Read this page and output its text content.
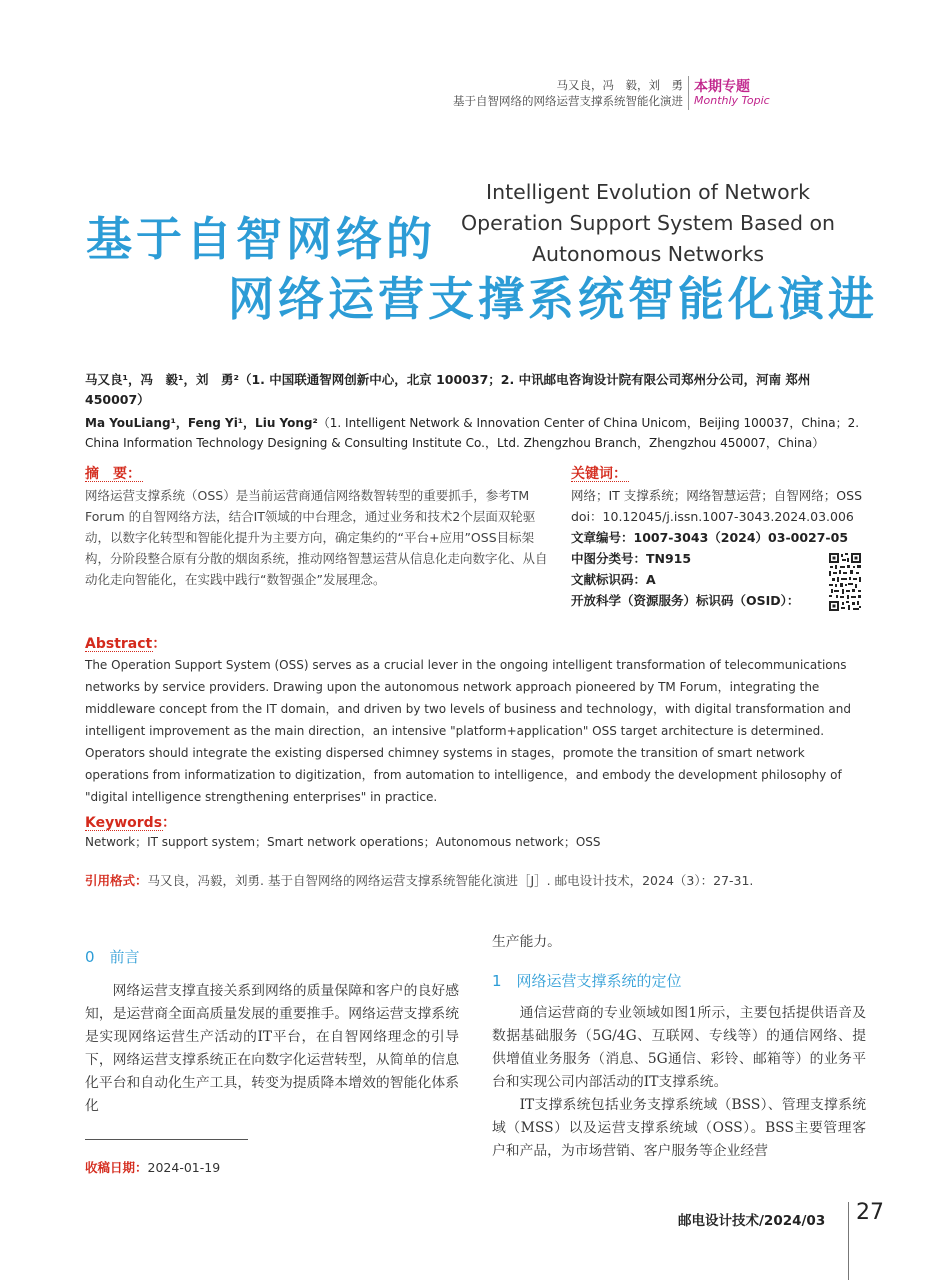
马又良，冯　毅，刘　勇
基于自智网络的网络运营支撑系统智能化演进
本期专题
Monthly Topic
Intelligent Evolution of Network
Operation Support System Based on
Autonomous Networks
基于自智网络的
网络运营支撑系统智能化演进
马又良¹，冯　毅¹，刘　勇²（1. 中国联通智网创新中心，北京 100037；2. 中讯邮电咨询设计院有限公司郑州分公司，河南 郑州 450007）
Ma YouLiang¹，Feng Yi¹，Liu Yong²（1. Intelligent Network & Innovation Center of China Unicom，Beijing 100037，China；2. China Information Technology Designing & Consulting Institute Co.，Ltd. Zhengzhou Branch，Zhengzhou 450007，China）
摘　要：
网络运营支撑系统（OSS）是当前运营商通信网络数智转型的重要抓手，参考TM Forum 的自智网络方法，结合IT领域的中台理念，通过业务和技术2个层面双轮驱动，以数字化转型和智能化提升为主要方向，确定集约的“平台+应用”OSS目标架构，分阶段整合原有分散的烟囱系统，推动网络智慧运营从信息化走向数字化、从自动化走向智能化，在实践中践行“数智强企”发展理念。
关键词：
网络；IT 支撑系统；网络智慧运营；自智网络；OSS
doi：10.12045/j.issn.1007-3043.2024.03.006
文章编号：1007-3043（2024）03-0027-05
中图分类号：TN915
文献标识码：A
开放科学（资源服务）标识码（OSID）：
Abstract：
The Operation Support System (OSS) serves as a crucial lever in the ongoing intelligent transformation of telecommunications networks by service providers. Drawing upon the autonomous network approach pioneered by TM Forum，integrating the middleware concept from the IT domain，and driven by two levels of business and technology，with digital transformation and intelligent improvement as the main direction，an intensive "platform+application" OSS target architecture is determined. Operators should integrate the existing dispersed chimney systems in stages，promote the transition of smart network operations from informatization to digitization，from automation to intelligence，and embody the development philosophy of "digital intelligence strengthening enterprises" in practice.
Keywords：
Network；IT support system；Smart network operations；Autonomous network；OSS
引用格式：马又良，冯毅，刘勇. 基于自智网络的网络运营支撑系统智能化演进［J］. 邮电设计技术，2024（3）：27-31.
0　前言

网络运营支撑直接关系到网络的质量保障和客户的良好感知，是运营商全面高质量发展的重要推手。网络运营支撑系统是实现网络运营生产活动的IT平台，在自智网络理念的引导下，网络运营支撑系统正在向数字化运营转型，从简单的信息化平台和自动化生产工具，转变为提质降本增效的智能化体系化

生产能力。

1　网络运营支撑系统的定位

通信运营商的专业领域如图1所示，主要包括提供语音及数据基础服务（5G/4G、互联网、专线等）的通信网络、提供增值业务服务（消息、5G通信、彩铃、邮箱等）的业务平台和实现公司内部活动的IT支撑系统。

IT支撑系统包括业务支撑系统域（BSS）、管理支撑系统域（MSS）以及运营支撑系统域（OSS）。BSS主要管理客户和产品，为市场营销、客户服务等企业经营

收稿日期：2024-01-19
邮电设计技术/2024/03 27
